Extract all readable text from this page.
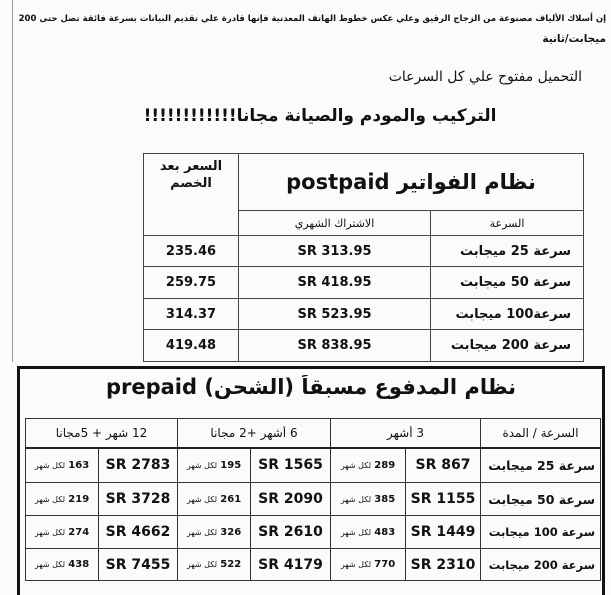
إن أسلاك الألياف مصنوعة من الزجاج الرقيق وعلي عكس خطوط الهاتف المعدنية فإنها قادرة علي تقديم البيانات بسرعة فائقة تصل حتى 200
ميجابت/ثانية
التحميل مفتوح علي كل السرعات
التركيب والمودم والصيانة مجانا!!!!!!!!!!!!
نظام الفواتير postpaid		السعر بعد الخصم

السرعة	الاشتراك الشهري	

سرعة 25 ميجابت	313.95 SR	235.46

سرعة 50 ميجابت	418.95 SR	259.75

سرعة100 ميجابت	523.95 SR	314.37

سرعة 200 ميجابت	838.95 SR	419.48
نظام المدفوع مسبقاً (الشحن) prepaid
السرعة / المدة	3 أشهر		6 أشهر +2 مجانا		12 شهر + 5مجانا	

سرعة 25 ميجابت	867 SR	289 لكل شهر	1565 SR	195 لكل شهر	2783 SR	163 لكل شهر

سرعة 50 ميجابت	1155 SR	385 لكل شهر	2090 SR	261 لكل شهر	3728 SR	219 لكل شهر

سرعة 100 ميجابت	1449 SR	483 لكل شهر	2610 SR	326 لكل شهر	4662 SR	274 لكل شهر

سرعة 200 ميجابت	2310 SR	770 لكل شهر	4179 SR	522 لكل شهر	7455 SR	438 لكل شهر
